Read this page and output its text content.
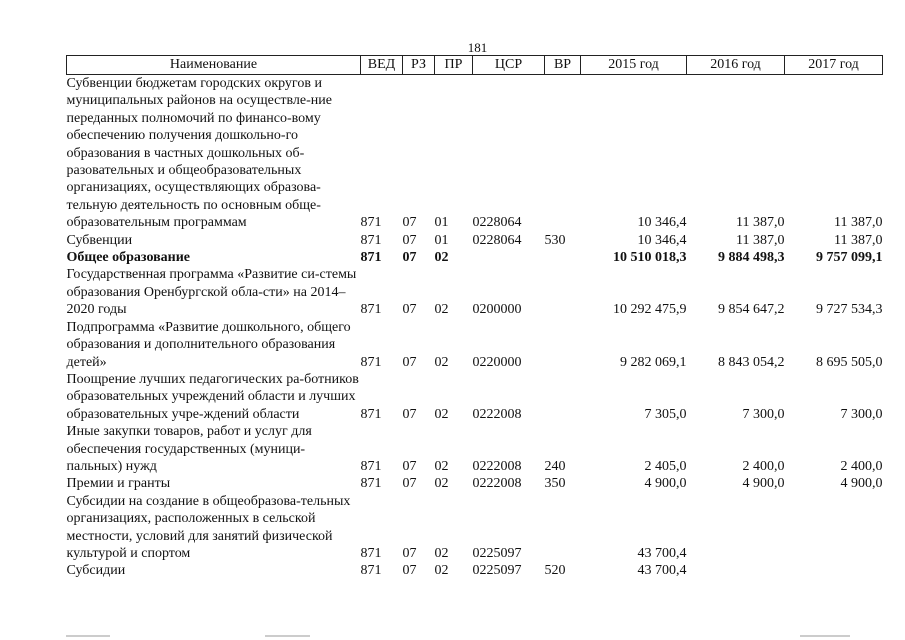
181
Наименование	ВЕД	РЗ	ПР	ЦСР	ВР	2015 год	2016 год	2017 год
Субвенции бюджетам городских округов и муниципальных районов на осуществле-ние переданных полномочий по финансо-вому обеспечению получения дошкольно-го образования в частных дошкольных об-разовательных и общеобразовательных организациях, осуществляющих образова-тельную деятельность по основным обще-образовательным программам	871	07	01	0228064		10 346,4	11 387,0	11 387,0
Субвенции	871	07	01	0228064	530	10 346,4	11 387,0	11 387,0
Общее образование	871	07	02			10 510 018,3	9 884 498,3	9 757 099,1
Государственная программа «Развитие си-стемы образования Оренбургской обла-сти» на 2014–2020 годы	871	07	02	0200000		10 292 475,9	9 854 647,2	9 727 534,3
Подпрограмма «Развитие дошкольного, общего образования и дополнительного образования детей»	871	07	02	0220000		9 282 069,1	8 843 054,2	8 695 505,0
Поощрение лучших педагогических ра-ботников образовательных учреждений области и лучших образовательных учре-ждений области	871	07	02	0222008		7 305,0	7 300,0	7 300,0
Иные закупки товаров, работ и услуг для обеспечения государственных (муници-пальных) нужд	871	07	02	0222008	240	2 405,0	2 400,0	2 400,0
Премии и гранты	871	07	02	0222008	350	4 900,0	4 900,0	4 900,0
Субсидии на создание в общеобразова-тельных организациях, расположенных в сельской местности, условий для занятий физической культурой и спортом	871	07	02	0225097		43 700,4		
Субсидии	871	07	02	0225097	520	43 700,4		
